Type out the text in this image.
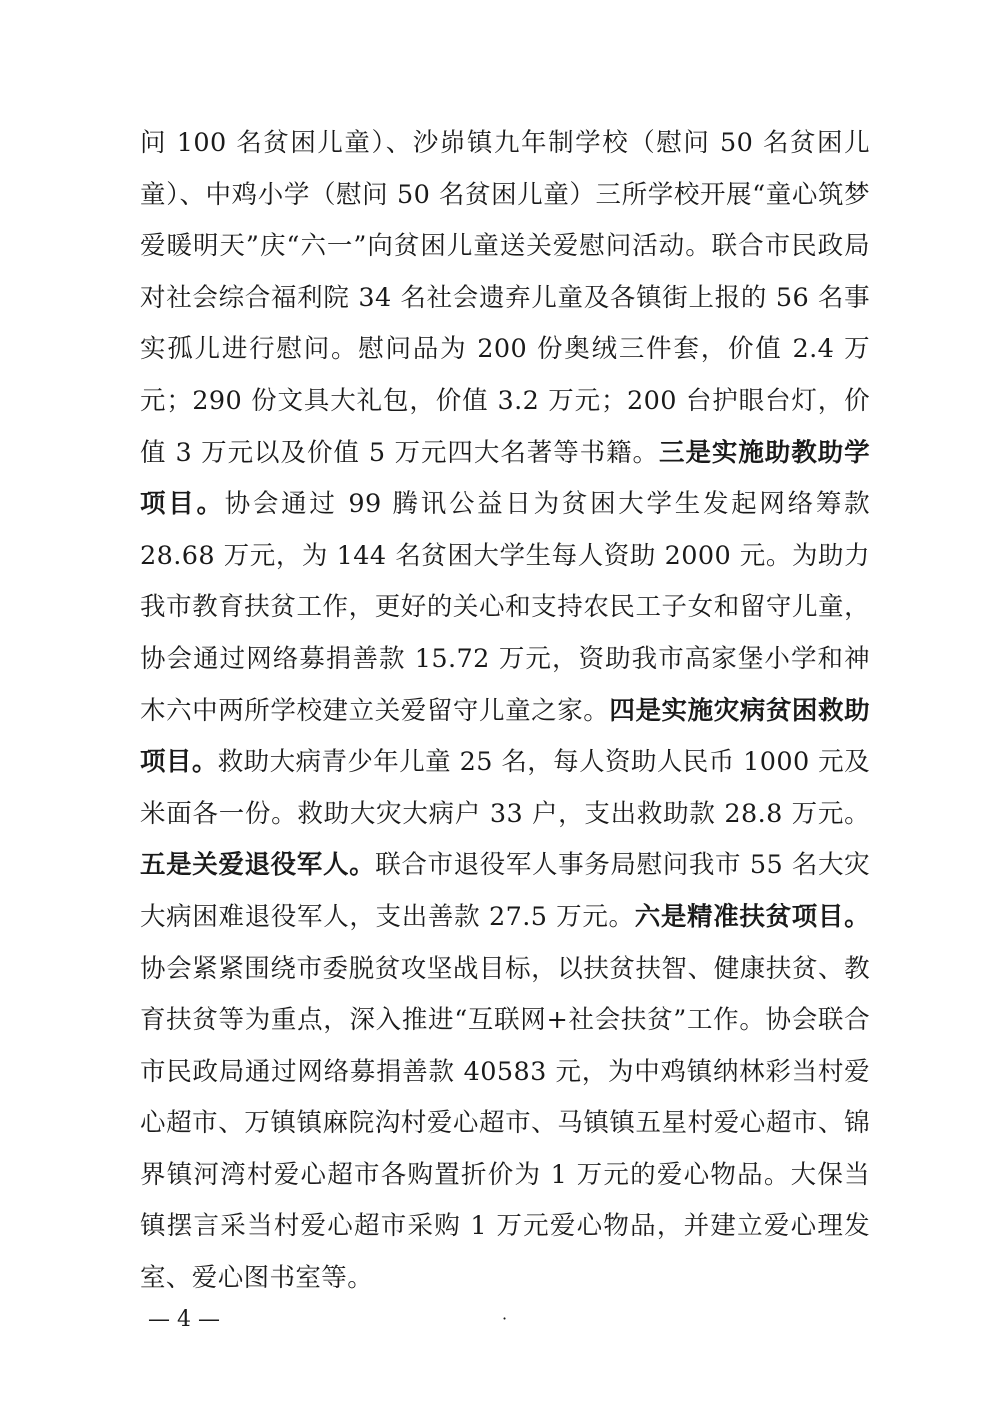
问 100 名贫困儿童）、沙峁镇九年制学校（慰问 50 名贫困儿童）、中鸡小学（慰问 50 名贫困儿童）三所学校开展“童心筑梦　爱暖明天”庆“六一”向贫困儿童送关爱慰问活动。联合市民政局对社会综合福利院 34 名社会遗弃儿童及各镇街上报的 56 名事实孤儿进行慰问。慰问品为 200 份奥绒三件套，价值 2.4 万元；290 份文具大礼包，价值 3.2 万元；200 台护眼台灯，价值 3 万元以及价值 5 万元四大名著等书籍。三是实施助教助学项目。协会通过 99 腾讯公益日为贫困大学生发起网络筹款 28.68 万元，为 144 名贫困大学生每人资助 2000 元。为助力我市教育扶贫工作，更好的关心和支持农民工子女和留守儿童，协会通过网络募捐善款 15.72 万元，资助我市高家堡小学和神木六中两所学校建立关爱留守儿童之家。四是实施灾病贫困救助项目。救助大病青少年儿童 25 名，每人资助人民币 1000 元及米面各一份。救助大灾大病户 33 户，支出救助款 28.8 万元。五是关爱退役军人。联合市退役军人事务局慰问我市 55 名大灾大病困难退役军人，支出善款 27.5 万元。六是精准扶贫项目。协会紧紧围绕市委脱贫攻坚战目标，以扶贫扶智、健康扶贫、教育扶贫等为重点，深入推进“互联网+社会扶贫”工作。协会联合市民政局通过网络募捐善款 40583 元，为中鸡镇纳林彩当村爱心超市、万镇镇麻院沟村爱心超市、马镇镇五星村爱心超市、锦界镇河湾村爱心超市各购置折价为 1 万元的爱心物品。大保当镇摆言采当村爱心超市采购 1 万元爱心物品，并建立爱心理发室、爱心图书室等。
— 4 —	·
